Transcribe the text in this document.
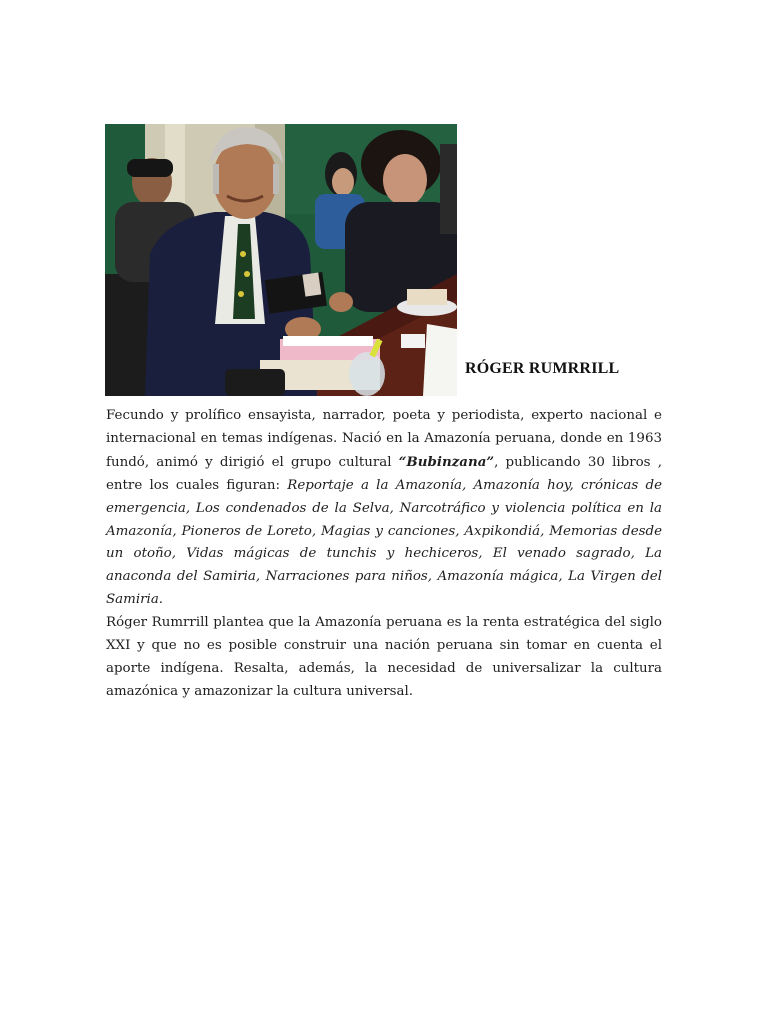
RÓGER RUMRRILL

Fecundo y prolífico ensayista, narrador, poeta y periodista, experto nacional e internacional en temas indígenas. Nació en la Amazonía peruana, donde en 1963 fundó, animó y dirigió el grupo cultural “Bubinzana”, publicando 30 libros , entre los cuales figuran: Reportaje a la Amazonía, Amazonía hoy, crónicas de emergencia, Los condenados de la Selva, Narcotráfico y violencia política en la Amazonía, Pioneros de Loreto, Magias y canciones, Axpikondiá, Memorias desde un otoño, Vidas mágicas de tunchis y hechiceros, El venado sagrado, La anaconda del Samiria, Narraciones para niños, Amazonía mágica, La Virgen del Samiria.

Róger Rumrrill plantea que la Amazonía peruana es la renta estratégica del siglo XXI y que no es posible construir una nación peruana sin tomar en cuenta el aporte indígena. Resalta, además, la necesidad de universalizar la cultura amazónica y amazonizar la cultura universal.
